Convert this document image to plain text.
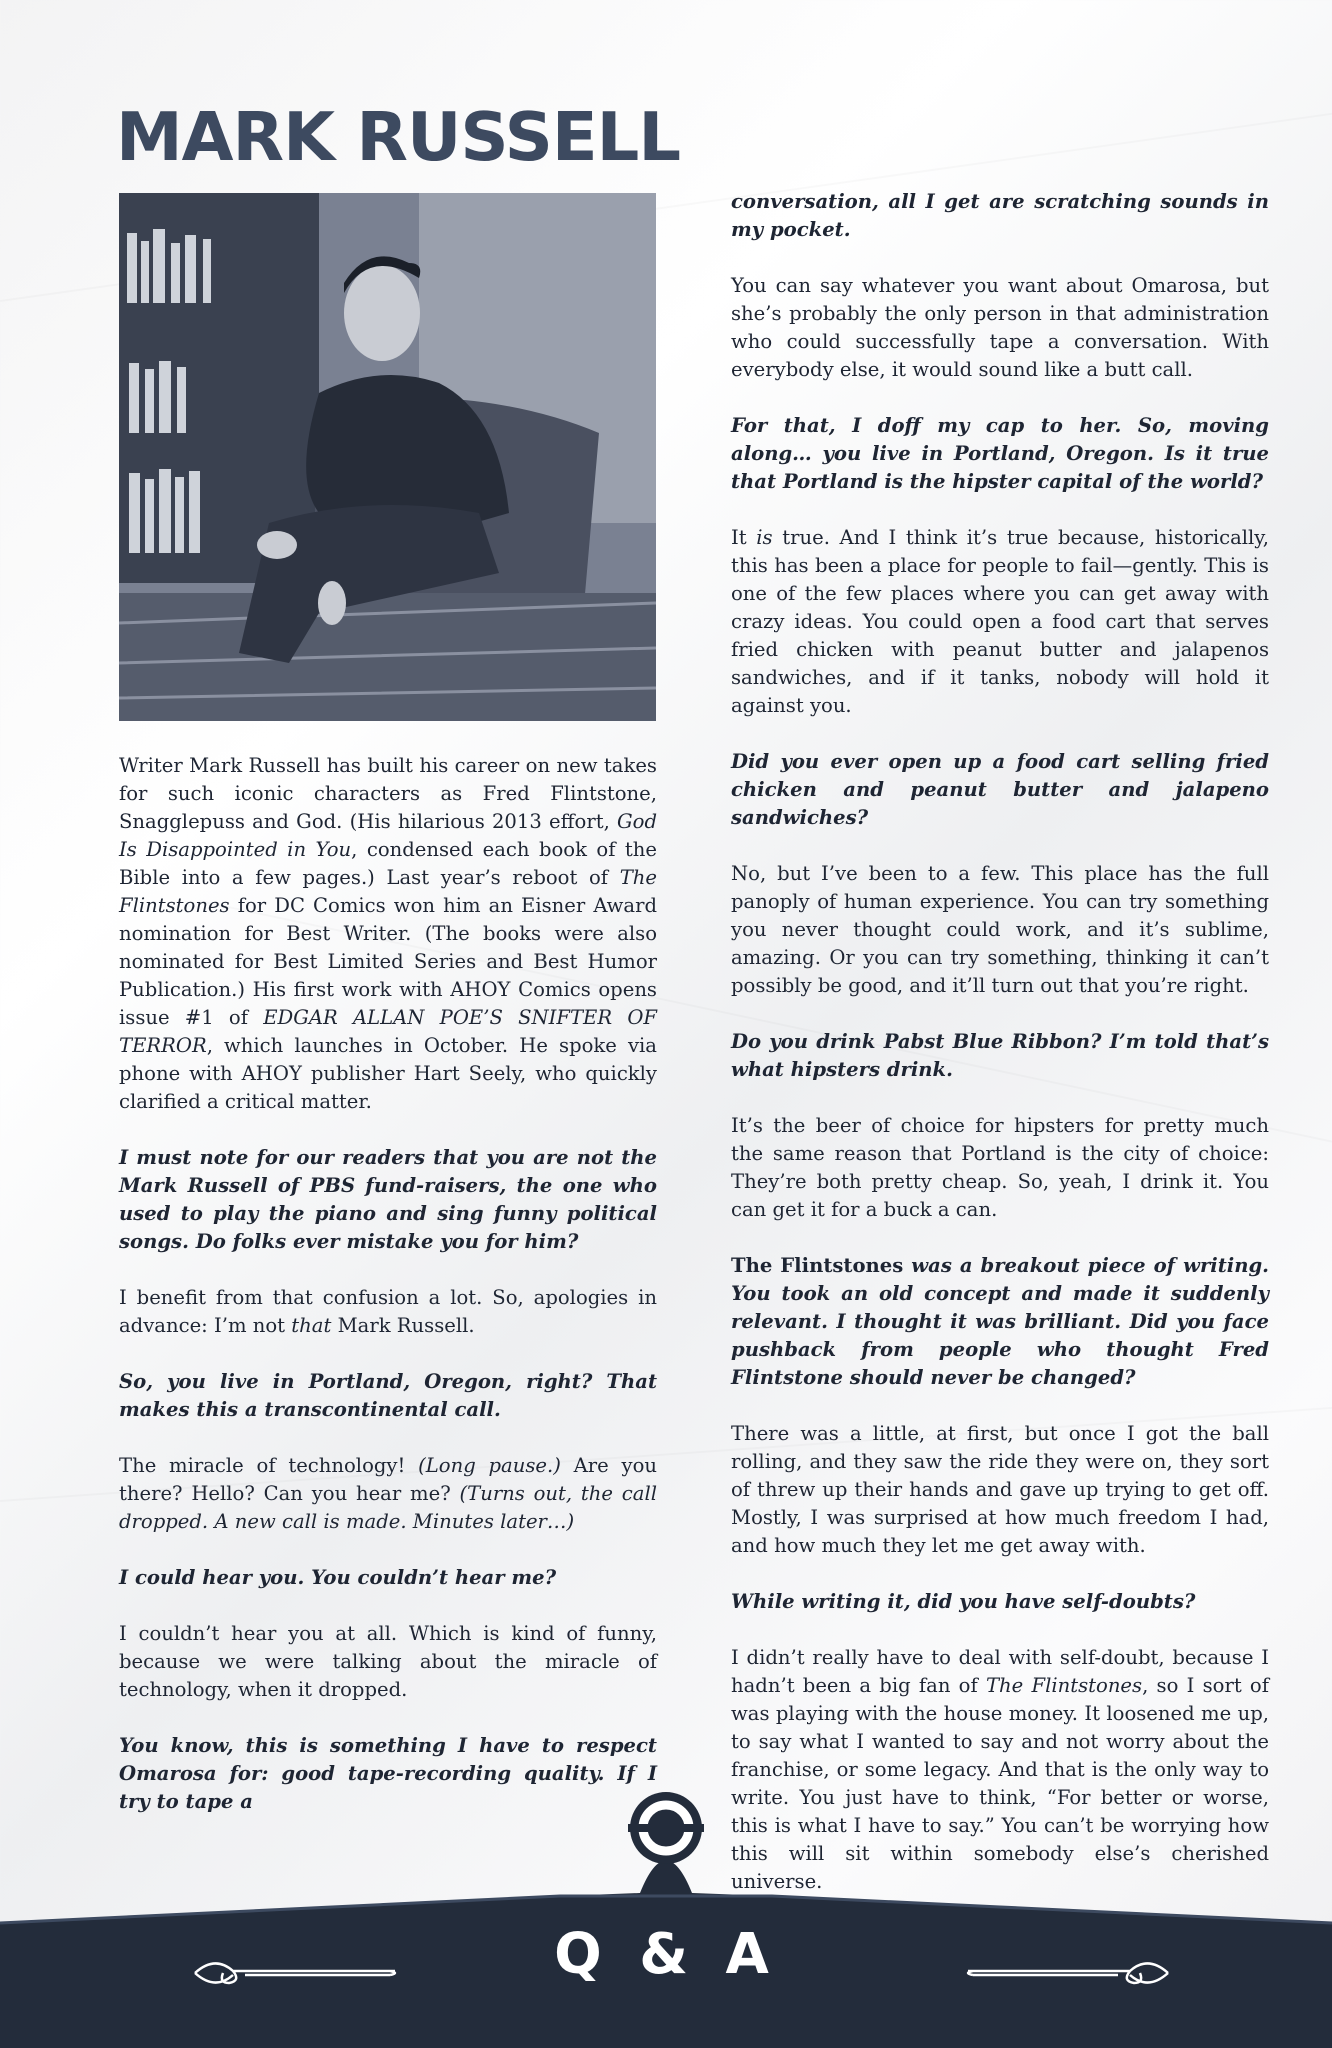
MARK RUSSELL

Writer Mark Russell has built his career on new takes for such iconic characters as Fred Flintstone, Snagglepuss and God. (His hilarious 2013 effort, God Is Disappointed in You, condensed each book of the Bible into a few pages.) Last year’s reboot of The Flintstones for DC Comics won him an Eisner Award nomination for Best Writer. (The books were also nominated for Best Limited Series and Best Humor Publication.) His first work with AHOY Comics opens issue #1 of EDGAR ALLAN POE’S SNIFTER OF TERROR, which launches in October. He spoke via phone with AHOY publisher Hart Seely, who quickly clarified a critical matter.

I must note for our readers that you are not the Mark Russell of PBS fund-raisers, the one who used to play the piano and sing funny political songs. Do folks ever mistake you for him?

I benefit from that confusion a lot. So, apologies in advance: I’m not that Mark Russell.

So, you live in Portland, Oregon, right? That makes this a transcontinental call.

The miracle of technology! (Long pause.) Are you there? Hello? Can you hear me? (Turns out, the call dropped. A new call is made. Minutes later…)

I could hear you. You couldn’t hear me?

I couldn’t hear you at all. Which is kind of funny, because we were talking about the miracle of technology, when it dropped.

You know, this is something I have to respect Omarosa for: good tape-recording quality. If I try to tape a

conversation, all I get are scratching sounds in my pocket.

You can say whatever you want about Omarosa, but she’s probably the only person in that administration who could successfully tape a conversation. With everybody else, it would sound like a butt call.

For that, I doff my cap to her. So, moving along… you live in Portland, Oregon. Is it true that Portland is the hipster capital of the world?

It is true. And I think it’s true because, historically, this has been a place for people to fail—gently. This is one of the few places where you can get away with crazy ideas. You could open a food cart that serves fried chicken with peanut butter and jalapenos sandwiches, and if it tanks, nobody will hold it against you.

Did you ever open up a food cart selling fried chicken and peanut butter and jalapeno sandwiches?

No, but I’ve been to a few. This place has the full panoply of human experience. You can try something you never thought could work, and it’s sublime, amazing. Or you can try something, thinking it can’t possibly be good, and it’ll turn out that you’re right.

Do you drink Pabst Blue Ribbon? I’m told that’s what hipsters drink.

It’s the beer of choice for hipsters for pretty much the same reason that Portland is the city of choice: They’re both pretty cheap. So, yeah, I drink it. You can get it for a buck a can.

The Flintstones was a breakout piece of writing. You took an old concept and made it suddenly relevant. I thought it was brilliant. Did you face pushback from people who thought Fred Flintstone should never be changed?

There was a little, at first, but once I got the ball rolling, and they saw the ride they were on, they sort of threw up their hands and gave up trying to get off. Mostly, I was surprised at how much freedom I had, and how much they let me get away with.

While writing it, did you have self-doubts?

I didn’t really have to deal with self-doubt, because I hadn’t been a big fan of The Flintstones, so I sort of was playing with the house money. It loosened me up, to say what I wanted to say and not worry about the franchise, or some legacy. And that is the only way to write. You just have to think, “For better or worse, this is what I have to say.” You can’t be worrying how this will sit within somebody else’s cherished universe.

Q & A
